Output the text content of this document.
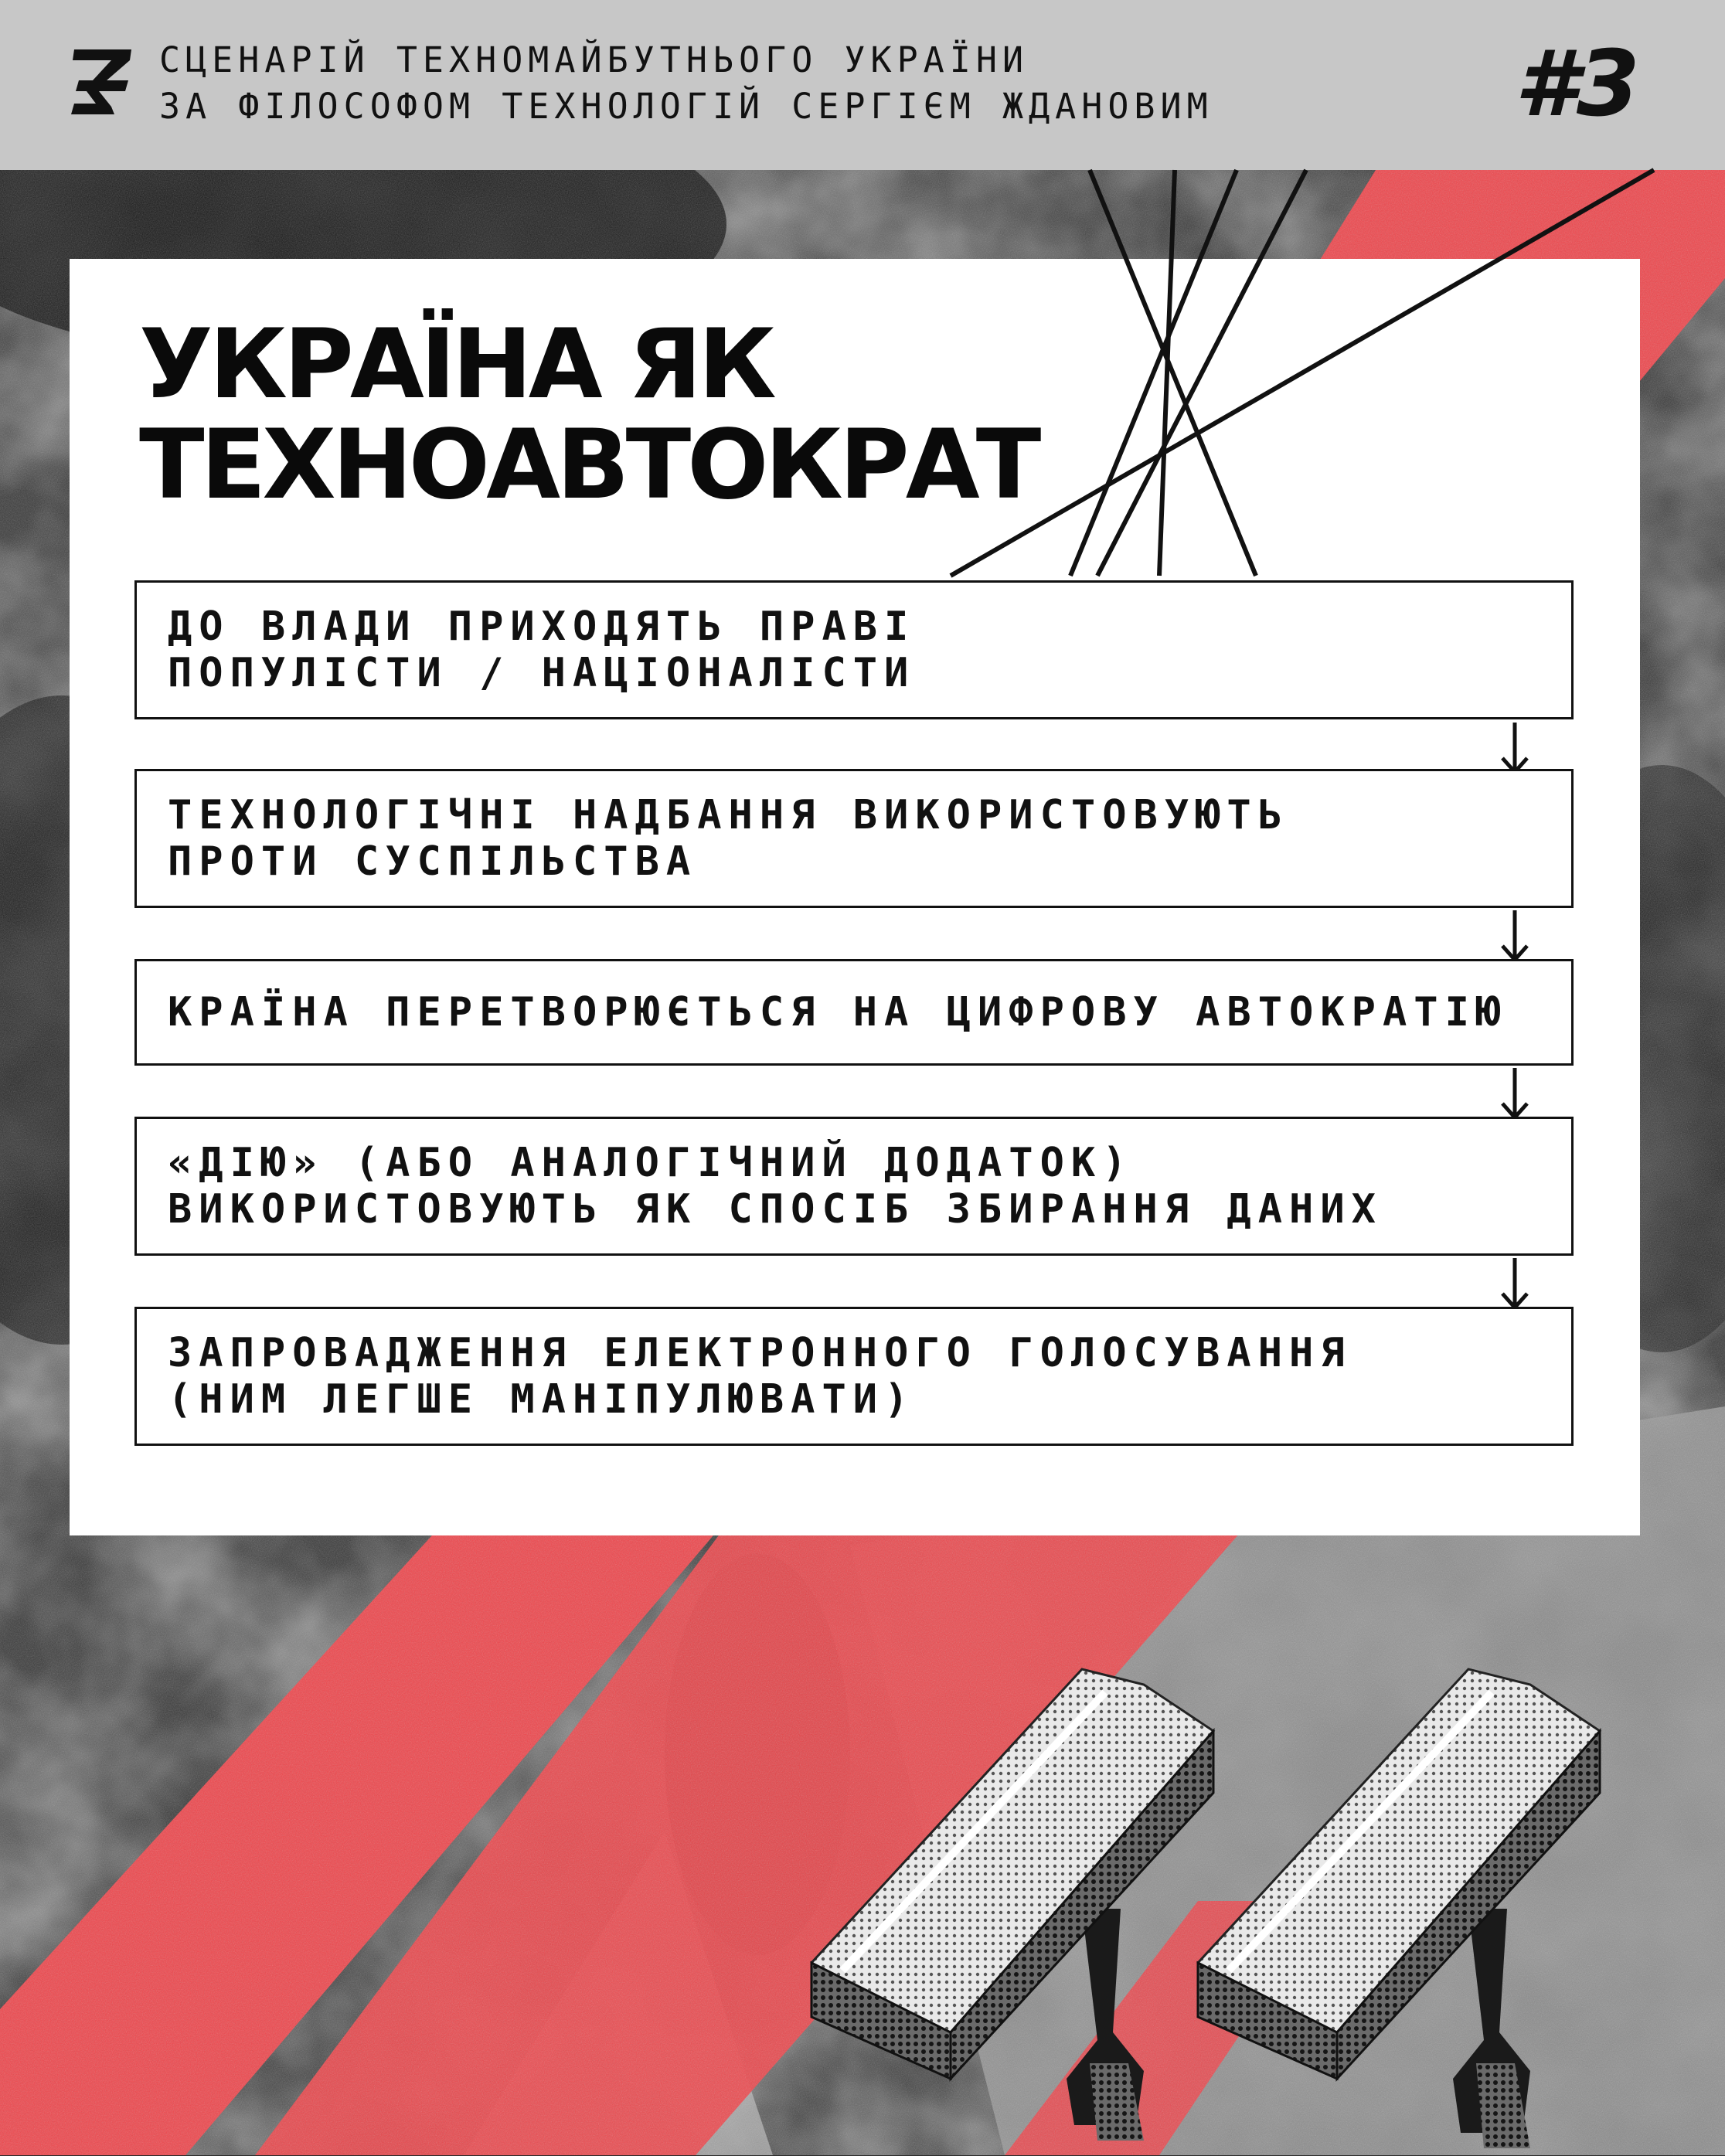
СЦЕНАРІЙ ТЕХНОМАЙБУТНЬОГО УКРАЇНИ
ЗА ФІЛОСОФОМ ТЕХНОЛОГІЙ СЕРГІЄМ ЖДАНОВИМ	#3
УКРАЇНА ЯК
ТЕХНОАВТОКРАТ
ДО ВЛАДИ ПРИХОДЯТЬ ПРАВІ
ПОПУЛІСТИ / НАЦІОНАЛІСТИ
ТЕХНОЛОГІЧНІ НАДБАННЯ ВИКОРИСТОВУЮТЬ
ПРОТИ СУСПІЛЬСТВА
КРАЇНА ПЕРЕТВОРЮЄТЬСЯ НА ЦИФРОВУ АВТОКРАТІЮ
«ДІЮ» (АБО АНАЛОГІЧНИЙ ДОДАТОК)
ВИКОРИСТОВУЮТЬ ЯК СПОСІБ ЗБИРАННЯ ДАНИХ
ЗАПРОВАДЖЕННЯ ЕЛЕКТРОННОГО ГОЛОСУВАННЯ
(НИМ ЛЕГШЕ МАНІПУЛЮВАТИ)
